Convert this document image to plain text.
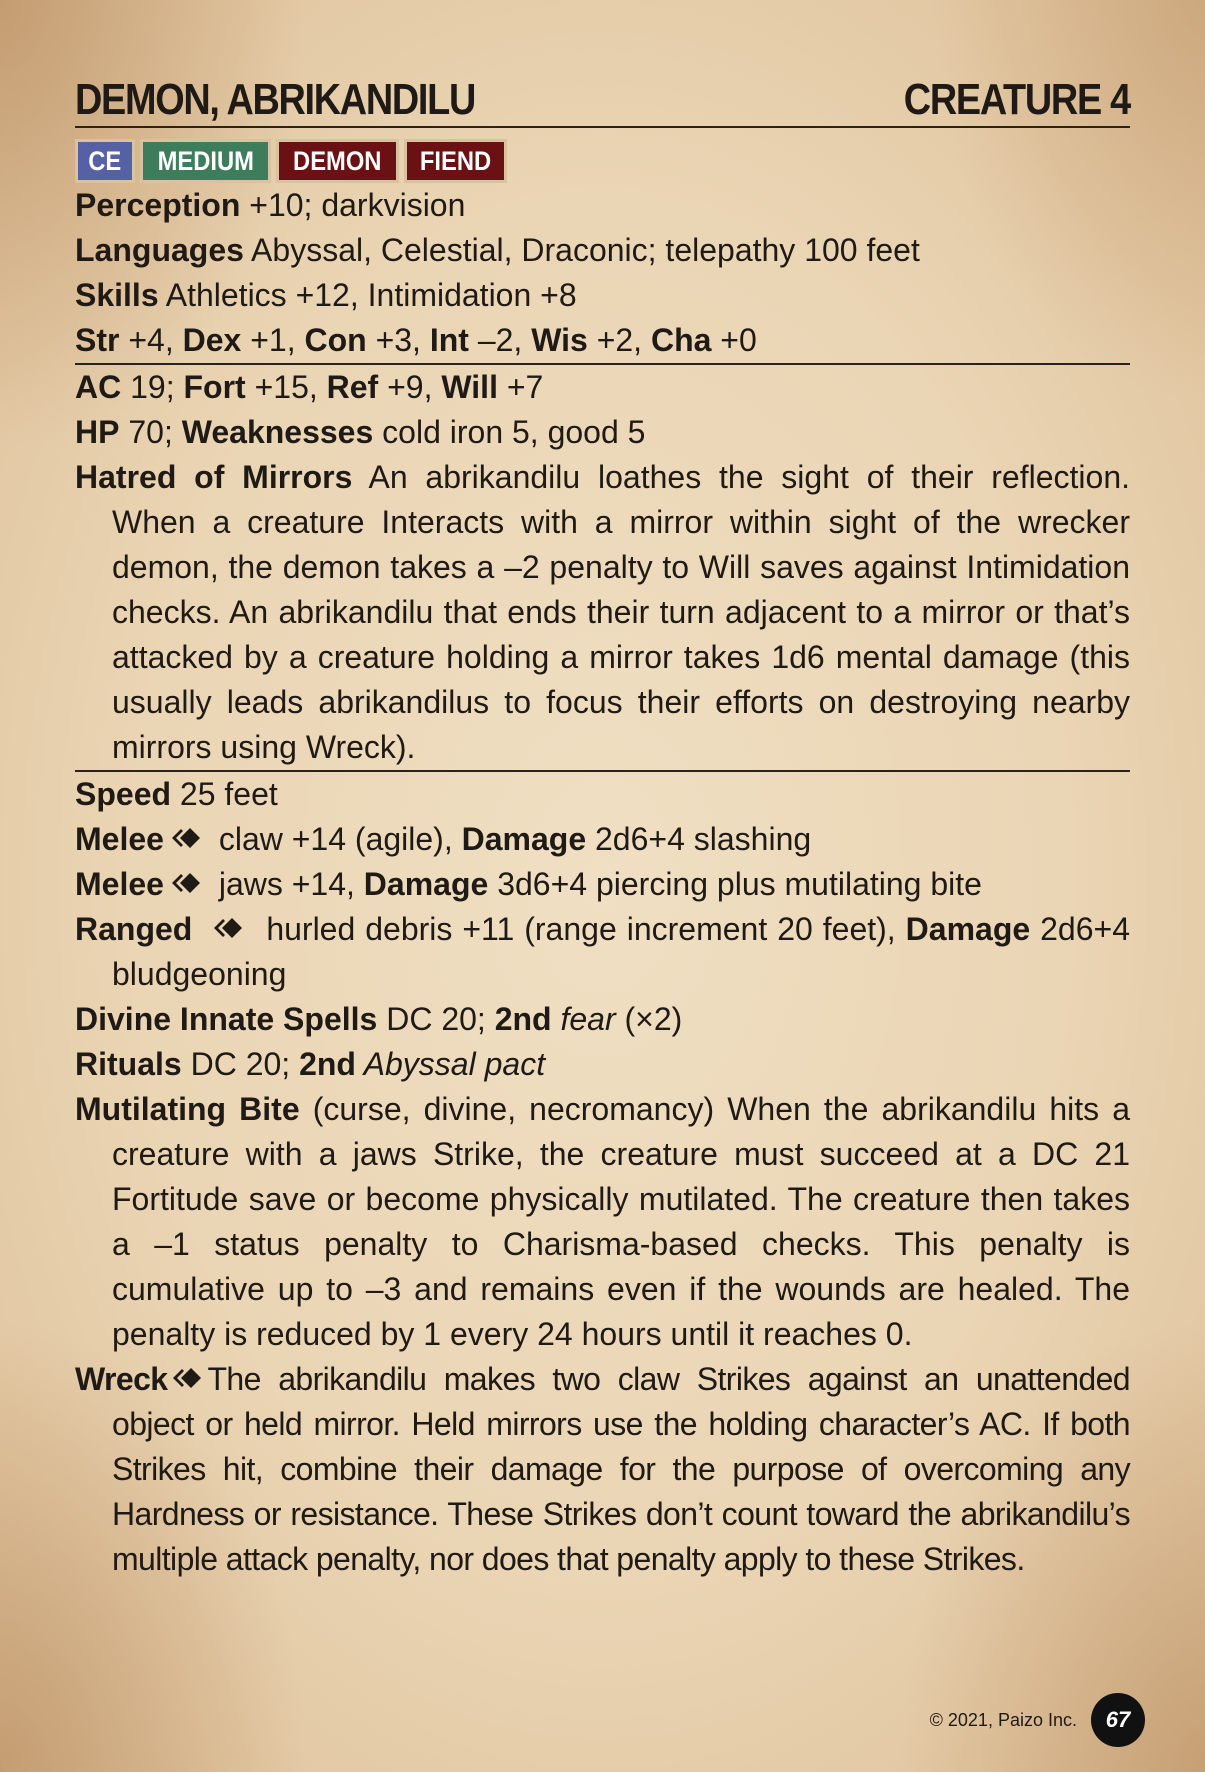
DEMON, ABRIKANDILU	CREATURE 4
CE MEDIUM DEMON FIEND
Perception +10; darkvision
Languages Abyssal, Celestial, Draconic; telepathy 100 feet
Skills Athletics +12, Intimidation +8
Str +4, Dex +1, Con +3, Int –2, Wis +2, Cha +0
AC 19; Fort +15, Ref +9, Will +7
HP 70; Weaknesses cold iron 5, good 5
Hatred of Mirrors An abrikandilu loathes the sight of their reflection. When a creature Interacts with a mirror within sight of the wrecker demon, the demon takes a –2 penalty to Will saves against Intimidation checks. An abrikandilu that ends their turn adjacent to a mirror or that’s attacked by a creature holding a mirror takes 1d6 mental damage (this usually leads abrikandilus to focus their efforts on destroying nearby mirrors using Wreck).
Speed 25 feet
Melee claw +14 (agile), Damage 2d6+4 slashing
Melee jaws +14, Damage 3d6+4 piercing plus mutilating bite
Ranged hurled debris +11 (range increment 20 feet), Damage 2d6+4 bludgeoning
Divine Innate Spells DC 20; 2nd fear (×2)
Rituals DC 20; 2nd Abyssal pact
Mutilating Bite (curse, divine, necromancy) When the abrikandilu hits a creature with a jaws Strike, the creature must succeed at a DC 21 Fortitude save or become physically mutilated. The creature then takes a –1 status penalty to Charisma-based checks. This penalty is cumulative up to –3 and remains even if the wounds are healed. The penalty is reduced by 1 every 24 hours until it reaches 0.
Wreck The abrikandilu makes two claw Strikes against an unattended object or held mirror. Held mirrors use the holding character’s AC. If both Strikes hit, combine their damage for the purpose of overcoming any Hardness or resistance. These Strikes don’t count toward the abrikandilu’s multiple attack penalty, nor does that penalty apply to these Strikes.
© 2021, Paizo Inc.	67
